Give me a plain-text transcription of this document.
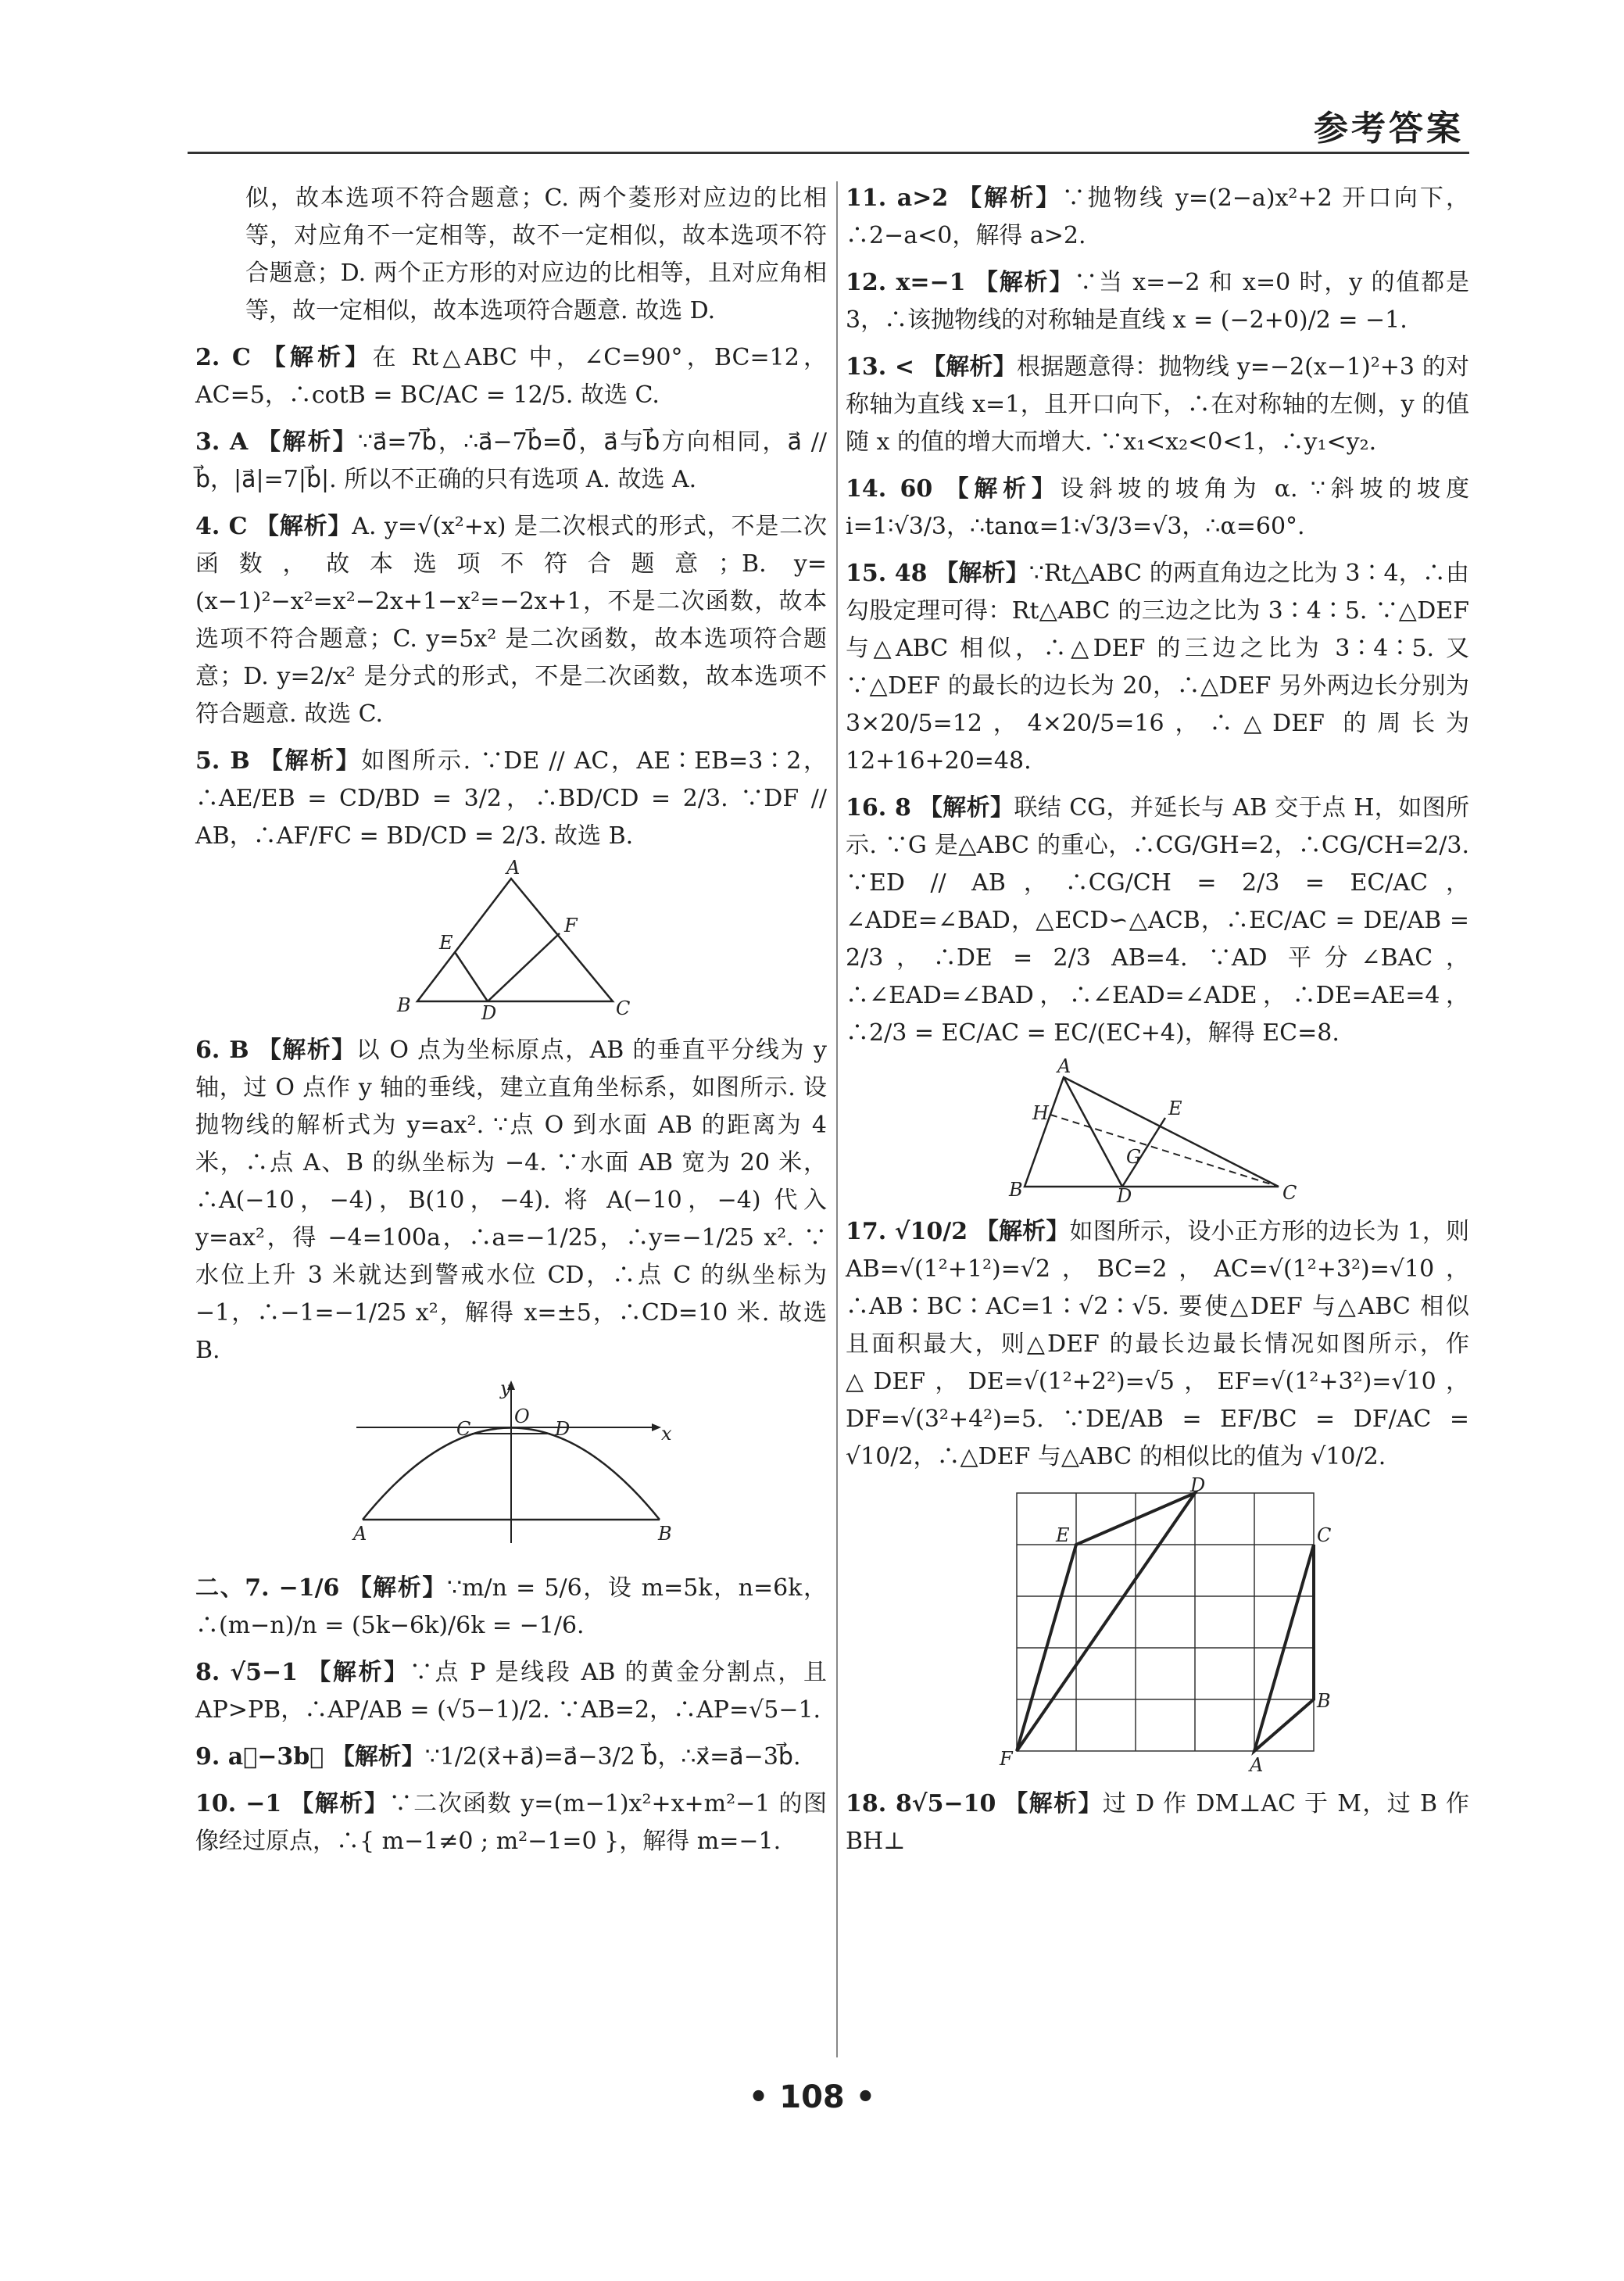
参考答案

似，故本选项不符合题意；C. 两个菱形对应边的比相等，对应角不一定相等，故不一定相似，故本选项不符合题意；D. 两个正方形的对应边的比相等，且对应角相等，故一定相似，故本选项符合题意. 故选 D.

2. C 【解析】在 Rt△ABC 中，∠C=90°，BC=12，AC=5，∴cotB = BC/AC = 12/5. 故选 C.

3. A 【解析】∵a⃗=7b⃗，∴a⃗−7b⃗=0⃗，a⃗与b⃗方向相同，a⃗ // b⃗，|a⃗|=7|b⃗|. 所以不正确的只有选项 A. 故选 A.

4. C 【解析】A. y=√(x²+x) 是二次根式的形式，不是二次函数，故本选项不符合题意；B. y=(x−1)²−x²=x²−2x+1−x²=−2x+1，不是二次函数，故本选项不符合题意；C. y=5x² 是二次函数，故本选项符合题意；D. y=2/x² 是分式的形式，不是二次函数，故本选项不符合题意. 故选 C.

5. B 【解析】如图所示. ∵DE // AC，AE∶EB=3∶2，∴AE/EB = CD/BD = 3/2，∴BD/CD = 2/3. ∵DF // AB，∴AF/FC = BD/CD = 2/3. 故选 B.

A
B	C
D
E
F

6. B 【解析】以 O 点为坐标原点，AB 的垂直平分线为 y 轴，过 O 点作 y 轴的垂线，建立直角坐标系，如图所示. 设抛物线的解析式为 y=ax². ∵点 O 到水面 AB 的距离为 4 米，∴点 A、B 的纵坐标为 −4. ∵水面 AB 宽为 20 米，∴A(−10，−4)，B(10，−4). 将 A(−10，−4) 代入 y=ax²，得 −4=100a，∴a=−1/25，∴y=−1/25 x². ∵水位上升 3 米就达到警戒水位 CD，∴点 C 的纵坐标为 −1，∴−1=−1/25 x²，解得 x=±5，∴CD=10 米. 故选 B.

y
x
O
C	D
A	B

二、7. −1/6 【解析】∵m/n = 5/6，设 m=5k，n=6k，∴(m−n)/n = (5k−6k)/6k = −1/6.

8. √5−1 【解析】∵点 P 是线段 AB 的黄金分割点，且 AP>PB，∴AP/AB = (√5−1)/2. ∵AB=2，∴AP=√5−1.

9. a⃗−3b⃗ 【解析】∵1/2(x⃗+a⃗)=a⃗−3/2 b⃗，∴x⃗=a⃗−3b⃗.

10. −1 【解析】∵二次函数 y=(m−1)x²+x+m²−1 的图像经过原点，∴{ m−1≠0 ; m²−1=0 }，解得 m=−1.

11. a>2 【解析】∵抛物线 y=(2−a)x²+2 开口向下，∴2−a<0，解得 a>2.

12. x=−1 【解析】∵当 x=−2 和 x=0 时，y 的值都是 3，∴该抛物线的对称轴是直线 x = (−2+0)/2 = −1.

13. < 【解析】根据题意得：抛物线 y=−2(x−1)²+3 的对称轴为直线 x=1，且开口向下，∴在对称轴的左侧，y 的值随 x 的值的增大而增大. ∵x₁<x₂<0<1，∴y₁<y₂.

14. 60 【解析】设斜坡的坡角为 α. ∵斜坡的坡度 i=1∶√3/3，∴tanα=1∶√3/3=√3，∴α=60°.

15. 48 【解析】∵Rt△ABC 的两直角边之比为 3∶4，∴由勾股定理可得：Rt△ABC 的三边之比为 3∶4∶5. ∵△DEF 与△ABC 相似，∴△DEF 的三边之比为 3∶4∶5. 又∵△DEF 的最长的边长为 20，∴△DEF 另外两边长分别为 3×20/5=12，4×20/5=16，∴△DEF 的周长为 12+16+20=48.

16. 8 【解析】联结 CG，并延长与 AB 交于点 H，如图所示. ∵G 是△ABC 的重心，∴CG/GH=2，∴CG/CH=2/3. ∵ED // AB，∴CG/CH = 2/3 = EC/AC，∠ADE=∠BAD，△ECD∽△ACB，∴EC/AC = DE/AB = 2/3，∴DE = 2/3 AB=4. ∵AD 平分∠BAC，∴∠EAD=∠BAD，∴∠EAD=∠ADE，∴DE=AE=4，∴2/3 = EC/AC = EC/(EC+4)，解得 EC=8.

A
H	E
G
B	D	C

17. √10/2 【解析】如图所示，设小正方形的边长为 1，则 AB=√(1²+1²)=√2，BC=2，AC=√(1²+3²)=√10，∴AB∶BC∶AC=1∶√2∶√5. 要使△DEF 与△ABC 相似且面积最大，则△DEF 的最长边最长情况如图所示，作△DEF，DE=√(1²+2²)=√5，EF=√(1²+3²)=√10，DF=√(3²+4²)=5. ∵DE/AB = EF/BC = DF/AC = √10/2，∴△DEF 与△ABC 的相似比的值为 √10/2.

D
E	C
B
F	A

18. 8√5−10 【解析】过 D 作 DM⊥AC 于 M，过 B 作 BH⊥

• 108 •
